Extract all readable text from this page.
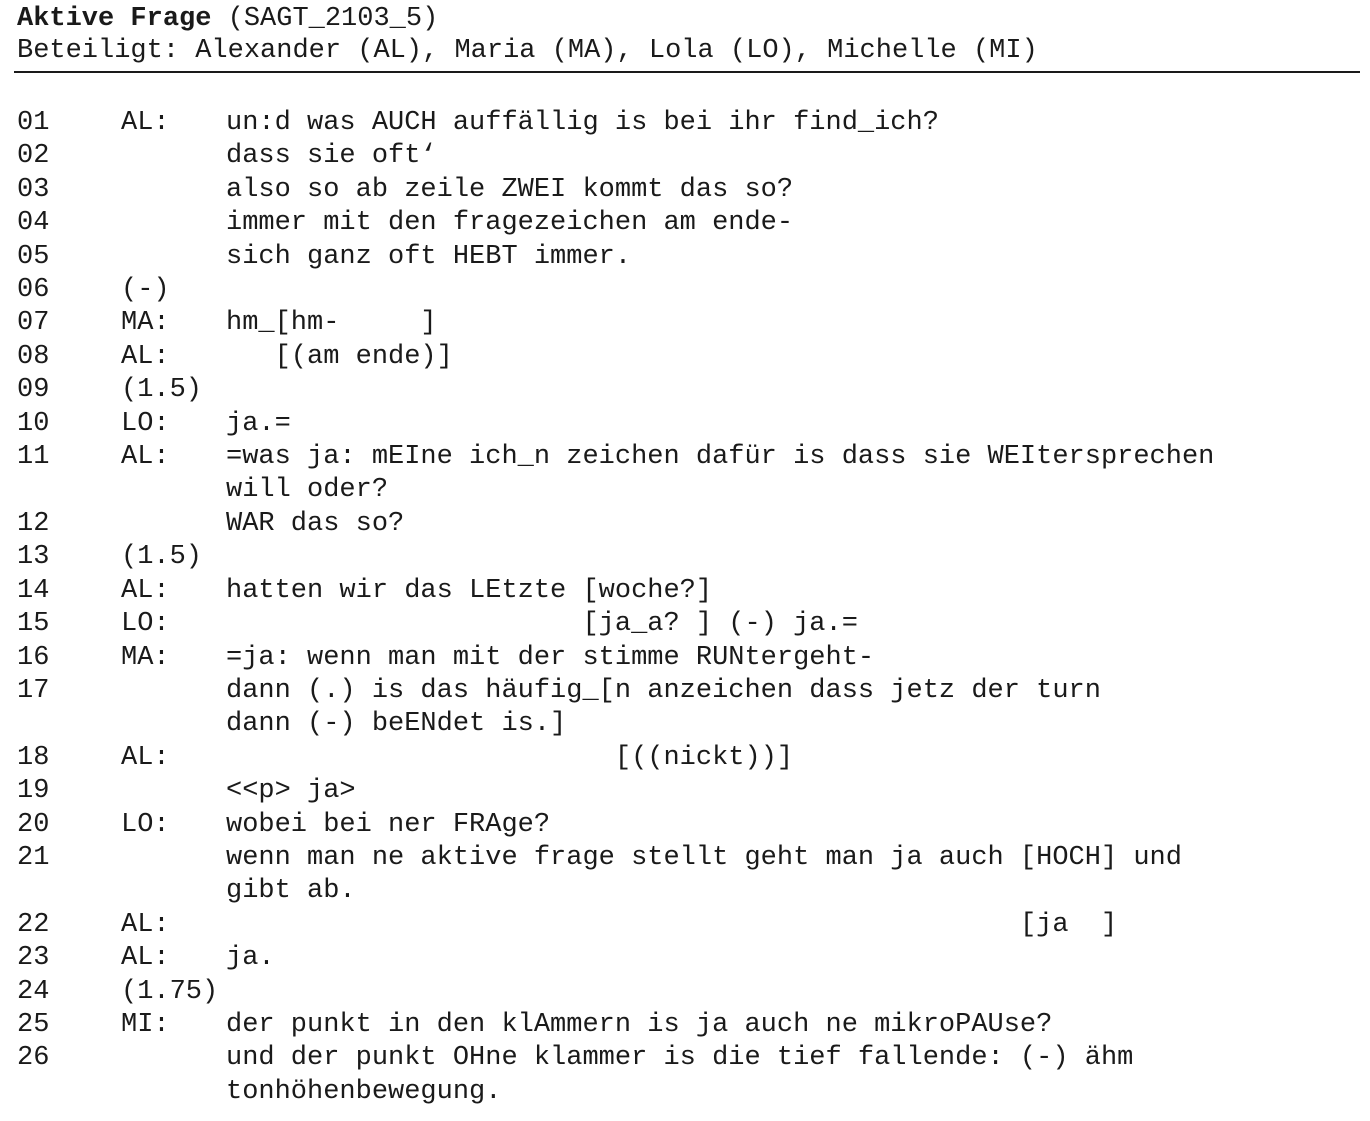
Aktive Frage (SAGT_2103_5)
Beteiligt: Alexander (AL), Maria (MA), Lola (LO), Michelle (MI)
01	AL:	un:d was AUCH auffällig is bei ihr find_ich?
02	dass sie oft‘
03	also so ab zeile ZWEI kommt das so?
04	immer mit den fragezeichen am ende-
05	sich ganz oft HEBT immer.
06	(-)
07	MA:	hm_[hm-     ]
08	AL:	[(am ende)]
09	(1.5)
10	LO:	ja.=
11	AL:	=was ja: mEIne ich_n zeichen dafür is dass sie WEItersprechen
will oder?
12	WAR das so?
13	(1.5)
14	AL:	hatten wir das LEtzte [woche?]
15	LO:	[ja_a? ] (-) ja.=
16	MA:	=ja: wenn man mit der stimme RUNtergeht-
17	dann (.) is das häufig_[n anzeichen dass jetz der turn
dann (-) beENdet is.]
18	AL:	[((nickt))]
19	<<p> ja>
20	LO:	wobei bei ner FRAge?
21	wenn man ne aktive frage stellt geht man ja auch [HOCH] und
gibt ab.
22	AL:	[ja  ]
23	AL:	ja.
24	(1.75)
25	MI:	der punkt in den klAmmern is ja auch ne mikroPAUse?
26	und der punkt OHne klammer is die tief fallende: (-) ähm
tonhöhenbewegung.
